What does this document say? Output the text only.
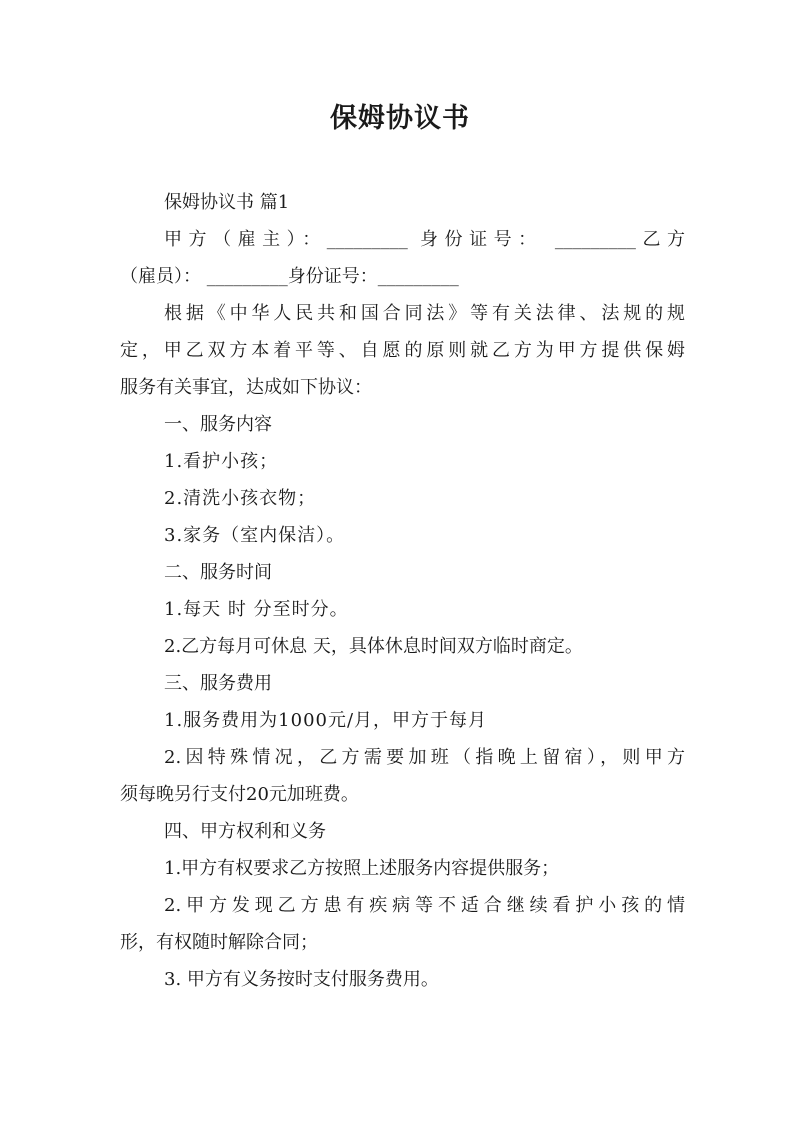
保姆协议书
保姆协议书 篇1
甲方（雇主）：_________ 身份证号： _________乙方
（雇员）： _________身份证号：_________
根据《中华人民共和国合同法》等有关法律、法规的规
定，甲乙双方本着平等、自愿的原则就乙方为甲方提供保姆
服务有关事宜，达成如下协议：
一、服务内容
1.看护小孩；
2.清洗小孩衣物；
3.家务（室内保洁）。
二、服务时间
1.每天 时 分至时分。
2.乙方每月可休息 天，具体休息时间双方临时商定。
三、服务费用
1.服务费用为1000元/月，甲方于每月
2.因特殊情况，乙方需要加班（指晚上留宿），则甲方
须每晚另行支付20元加班费。
四、甲方权利和义务
1.甲方有权要求乙方按照上述服务内容提供服务；
2.甲方发现乙方患有疾病等不适合继续看护小孩的情
形，有权随时解除合同；
3. 甲方有义务按时支付服务费用。
